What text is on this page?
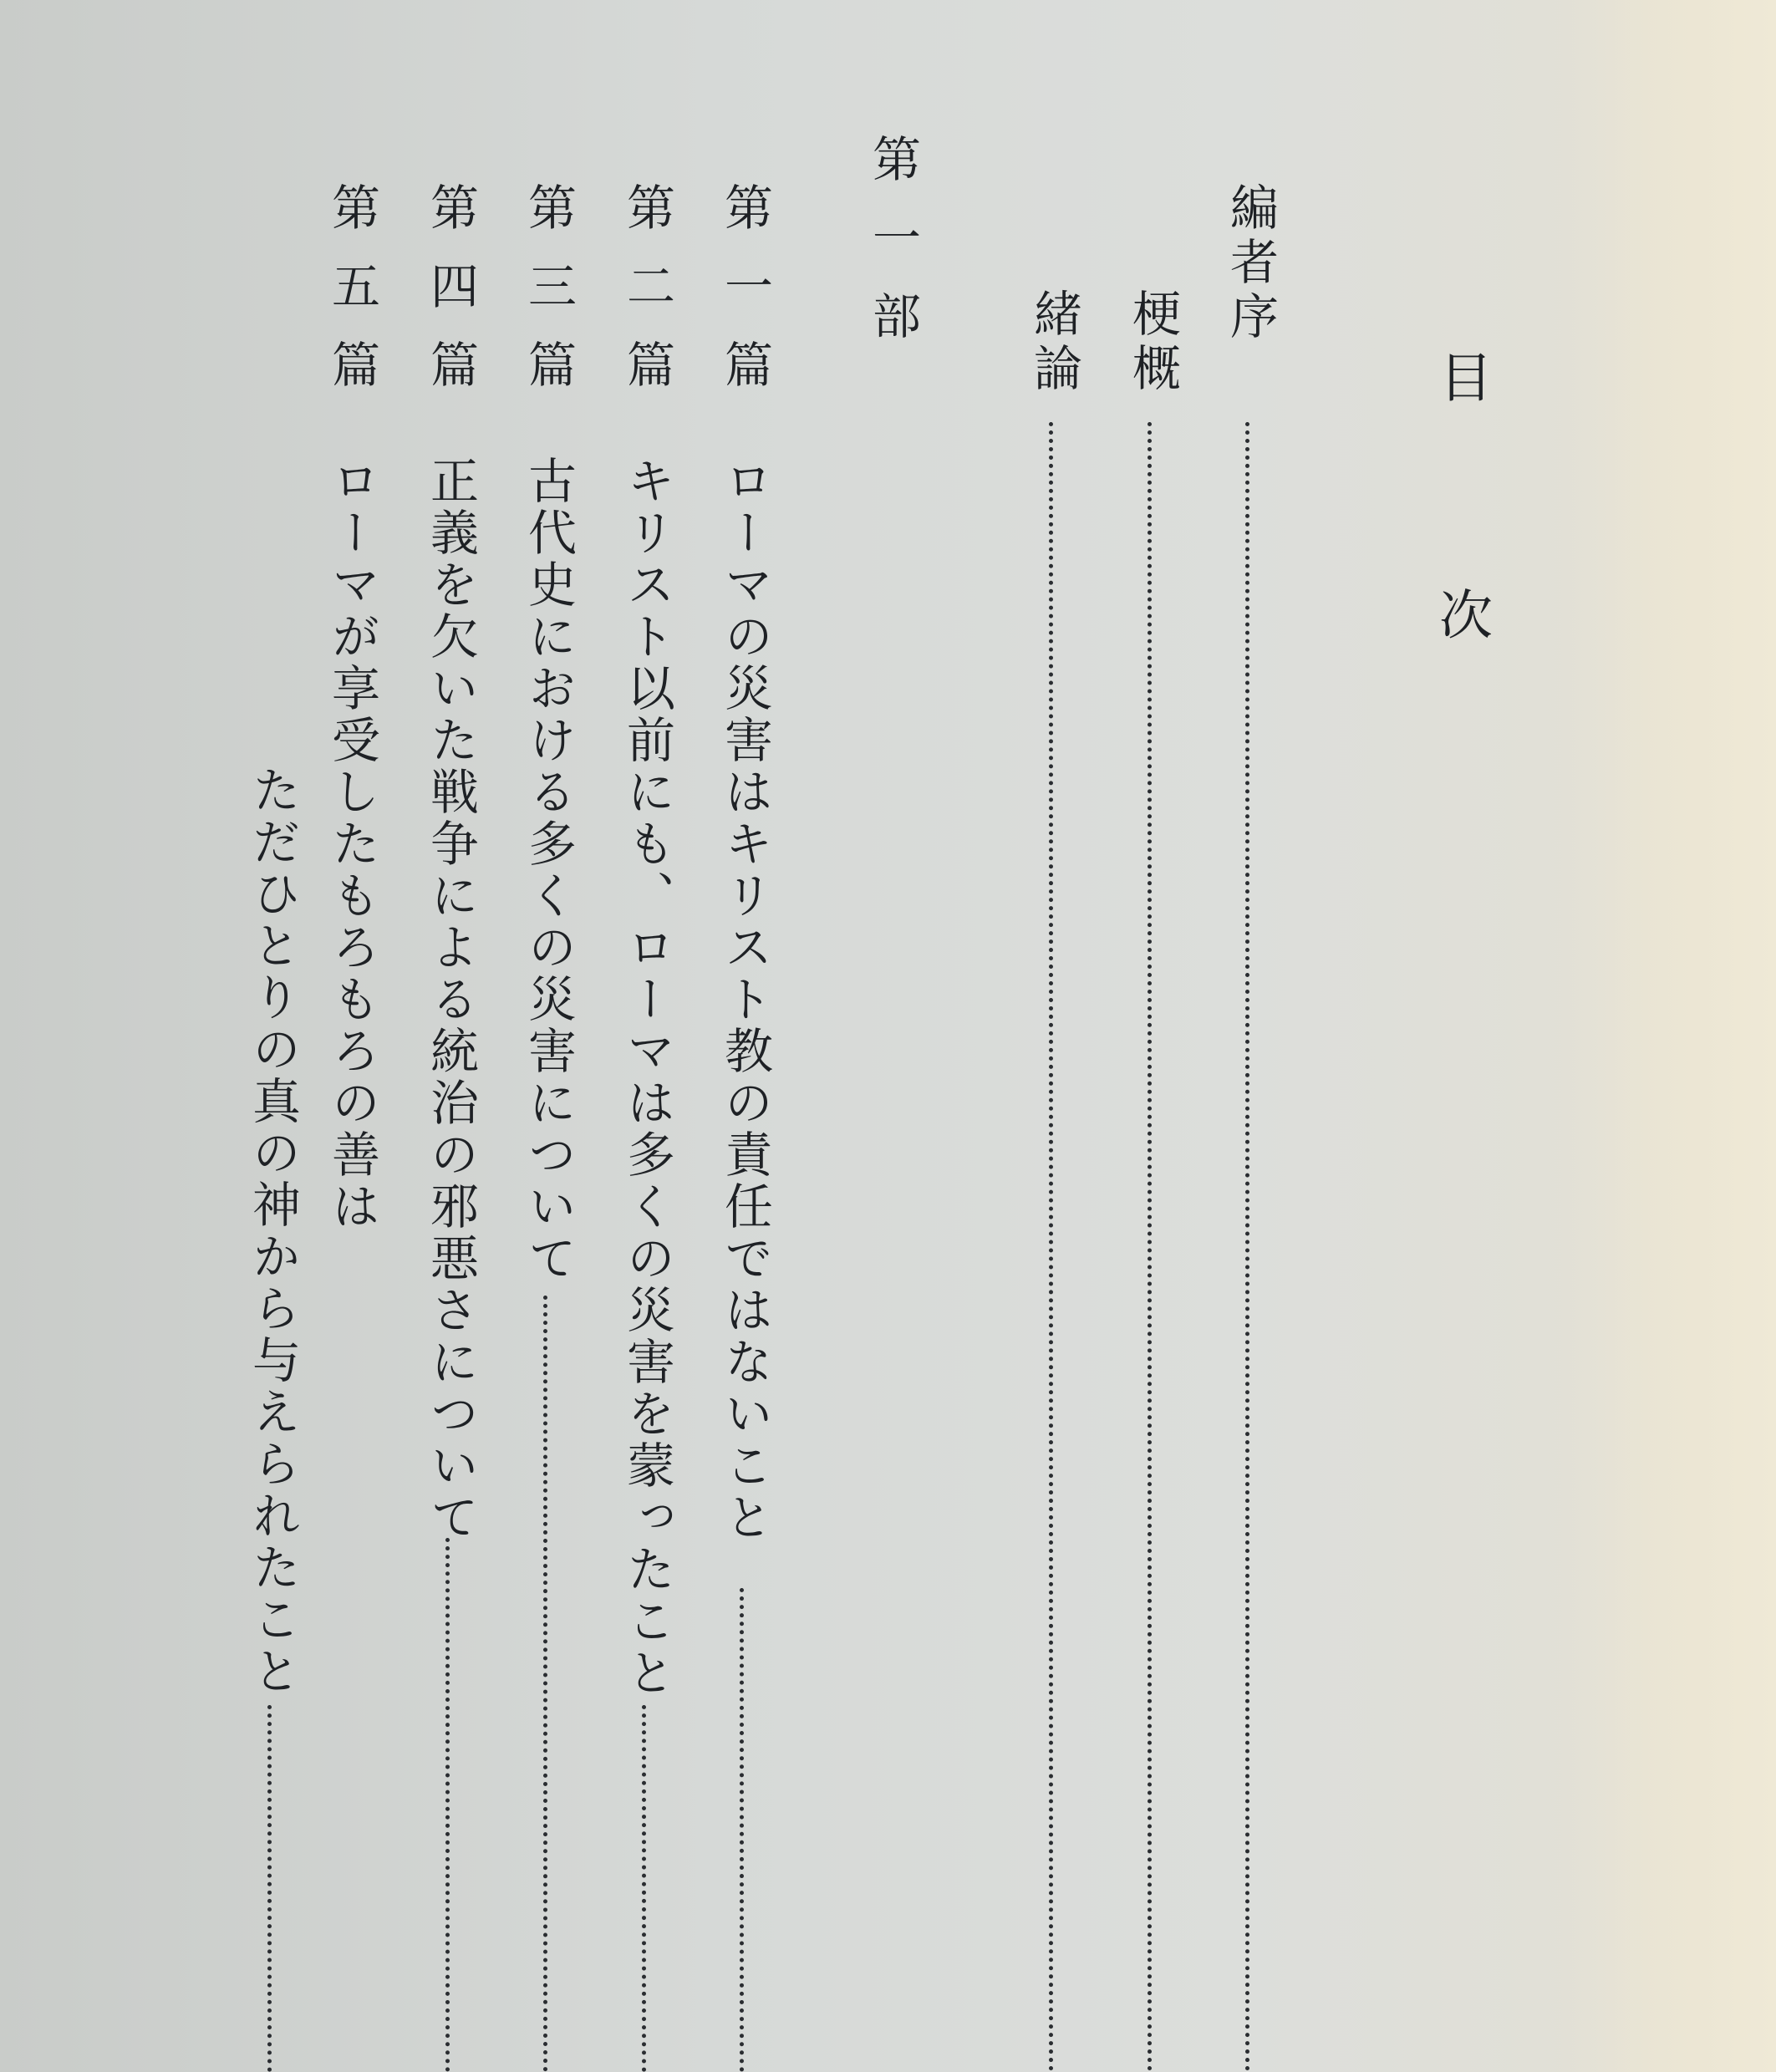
目次
編者序
梗概
緒論
第一部
第一篇
第二篇
第三篇
第四篇
第五篇
ローマの災害はキリスト教の責任ではないこと
キリスト以前にも、ローマは多くの災害を蒙ったこと
古代史における多くの災害について
正義を欠いた戦争による統治の邪悪さについて
ローマが享受したもろもろの善は
ただひとりの真の神から与えられたこと
